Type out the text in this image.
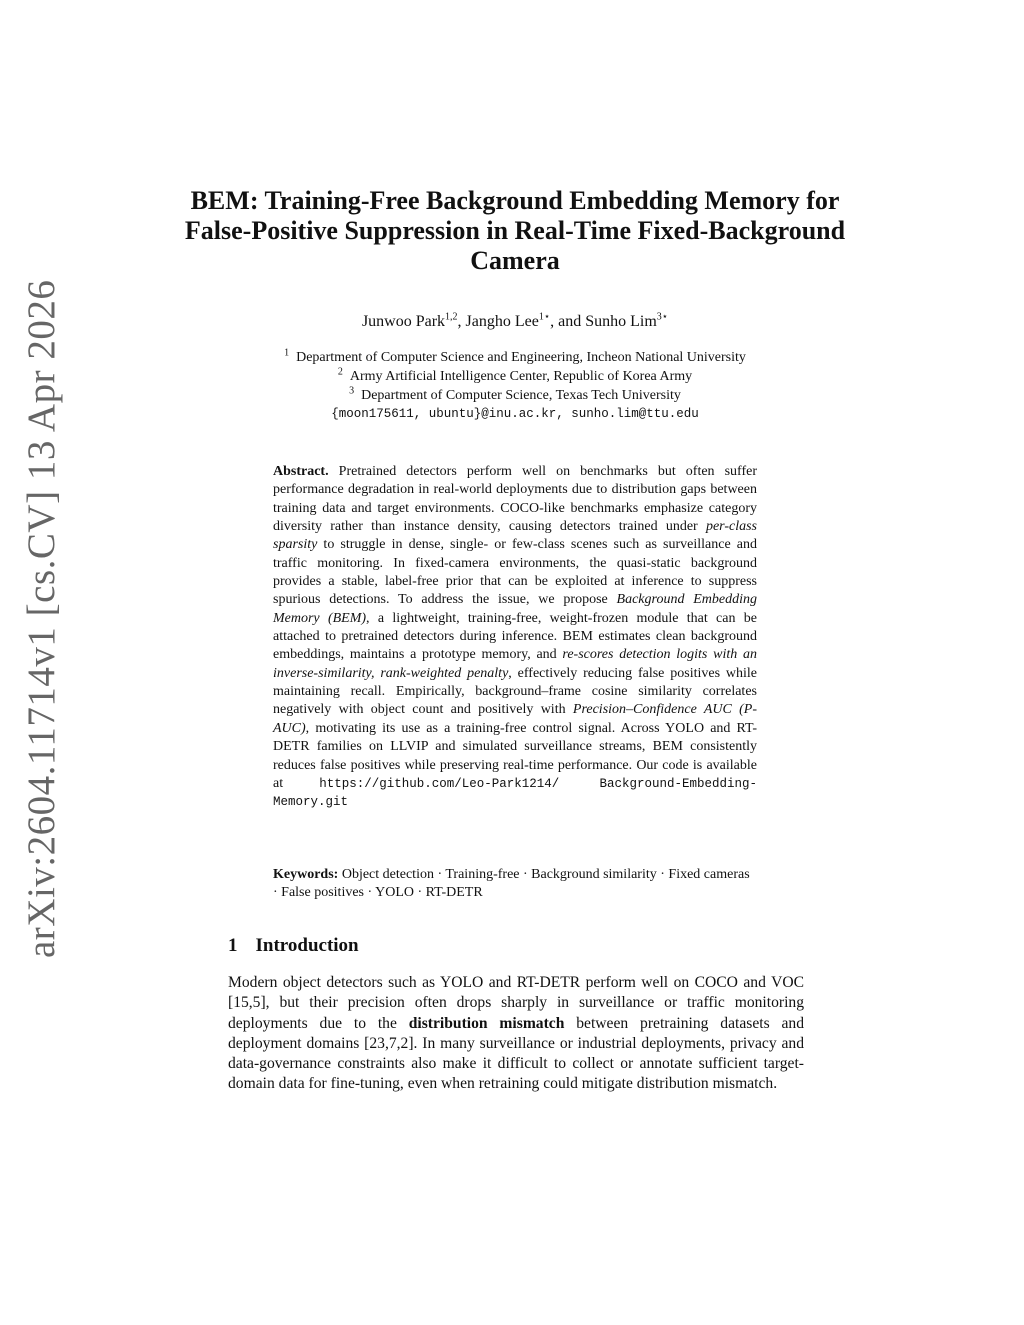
arXiv:2604.11714v1 [cs.CV] 13 Apr 2026
BEM: Training-Free Background Embedding Memory for False-Positive Suppression in Real-Time Fixed-Background Camera
Junwoo Park$^{1,2}$, Jangho Lee$^{1⋆}$, and Sunho Lim$^{3⋆}$
$^1$ Department of Computer Science and Engineering, Incheon National University
$^2$ Army Artificial Intelligence Center, Republic of Korea Army
$^3$ Department of Computer Science, Texas Tech University
{moon175611, ubuntu}@inu.ac.kr, sunho.lim@ttu.edu

Abstract. Pretrained detectors perform well on benchmarks but often suffer performance degradation in real-world deployments due to distribution gaps between training data and target environments. COCO-like benchmarks emphasize category diversity rather than instance density, causing detectors trained under per-class sparsity to struggle in dense, single- or few-class scenes such as surveillance and traffic monitoring. In fixed-camera environments, the quasi-static background provides a stable, label-free prior that can be exploited at inference to suppress spurious detections. To address the issue, we propose Background Embedding Memory (BEM), a lightweight, training-free, weight-frozen module that can be attached to pretrained detectors during inference. BEM estimates clean background embeddings, maintains a prototype memory, and re-scores detection logits with an inverse-similarity, rank-weighted penalty, effectively reducing false positives while maintaining recall. Empirically, background–frame cosine similarity correlates negatively with object count and positively with Precision–Confidence AUC (P-AUC), motivating its use as a training-free control signal. Across YOLO and RT-DETR families on LLVIP and simulated surveillance streams, BEM consistently reduces false positives while preserving real-time performance. Our code is available at https://github.com/Leo-Park1214/ Background-Embedding-Memory.git

Keywords: Object detection · Training-free · Background similarity · Fixed cameras · False positives · YOLO · RT-DETR

1 Introduction

Modern object detectors such as YOLO and RT-DETR perform well on COCO and VOC [15,5], but their precision often drops sharply in surveillance or traffic monitoring deployments due to the distribution mismatch between pretraining datasets and deployment domains [23,7,2]. In many surveillance or industrial deployments, privacy and data-governance constraints also make it difficult to collect or annotate sufficient target-domain data for fine-tuning, even when retraining could mitigate distribution mismatch.
